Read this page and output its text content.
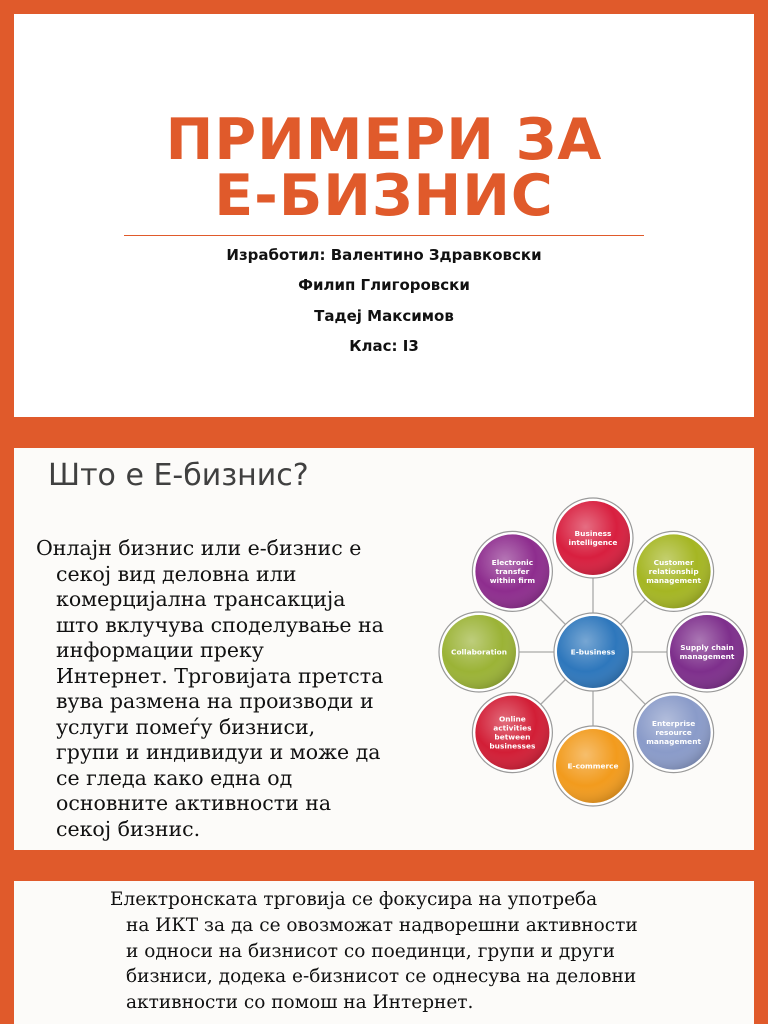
ПРИМЕРИ ЗА
Е-БИЗНИС
Изработил: Валентино Здравковски
Филип Глигоровски
Тадеј Максимов
Клас: I3
Што е Е-бизнис?
Онлајн бизнис или е-бизнис е
секој вид деловна или
комерцијална трансакција
што вклучува споделување на
информации преку
Интернет. Трговијата претста
вува размена на производи и
услуги помеѓу бизниси,
групи и индивидуи и може да
се гледа како една од
основните активности на
секој бизнис.
Business
intelligence
Customer
relationship
management
Supply chain
management
Enterprise
resource
management
E-commerce
Online
activities
between
businesses
Collaboration
Electronic
transfer
within firm
E-business
Електронската трговија се фокусира на употреба
на ИКТ за да се овозможат надворешни активности
и односи на бизнисот со поединци, групи и други
бизниси, додека е-бизнисот се однесува на деловни
активности со помош на Интернет.
